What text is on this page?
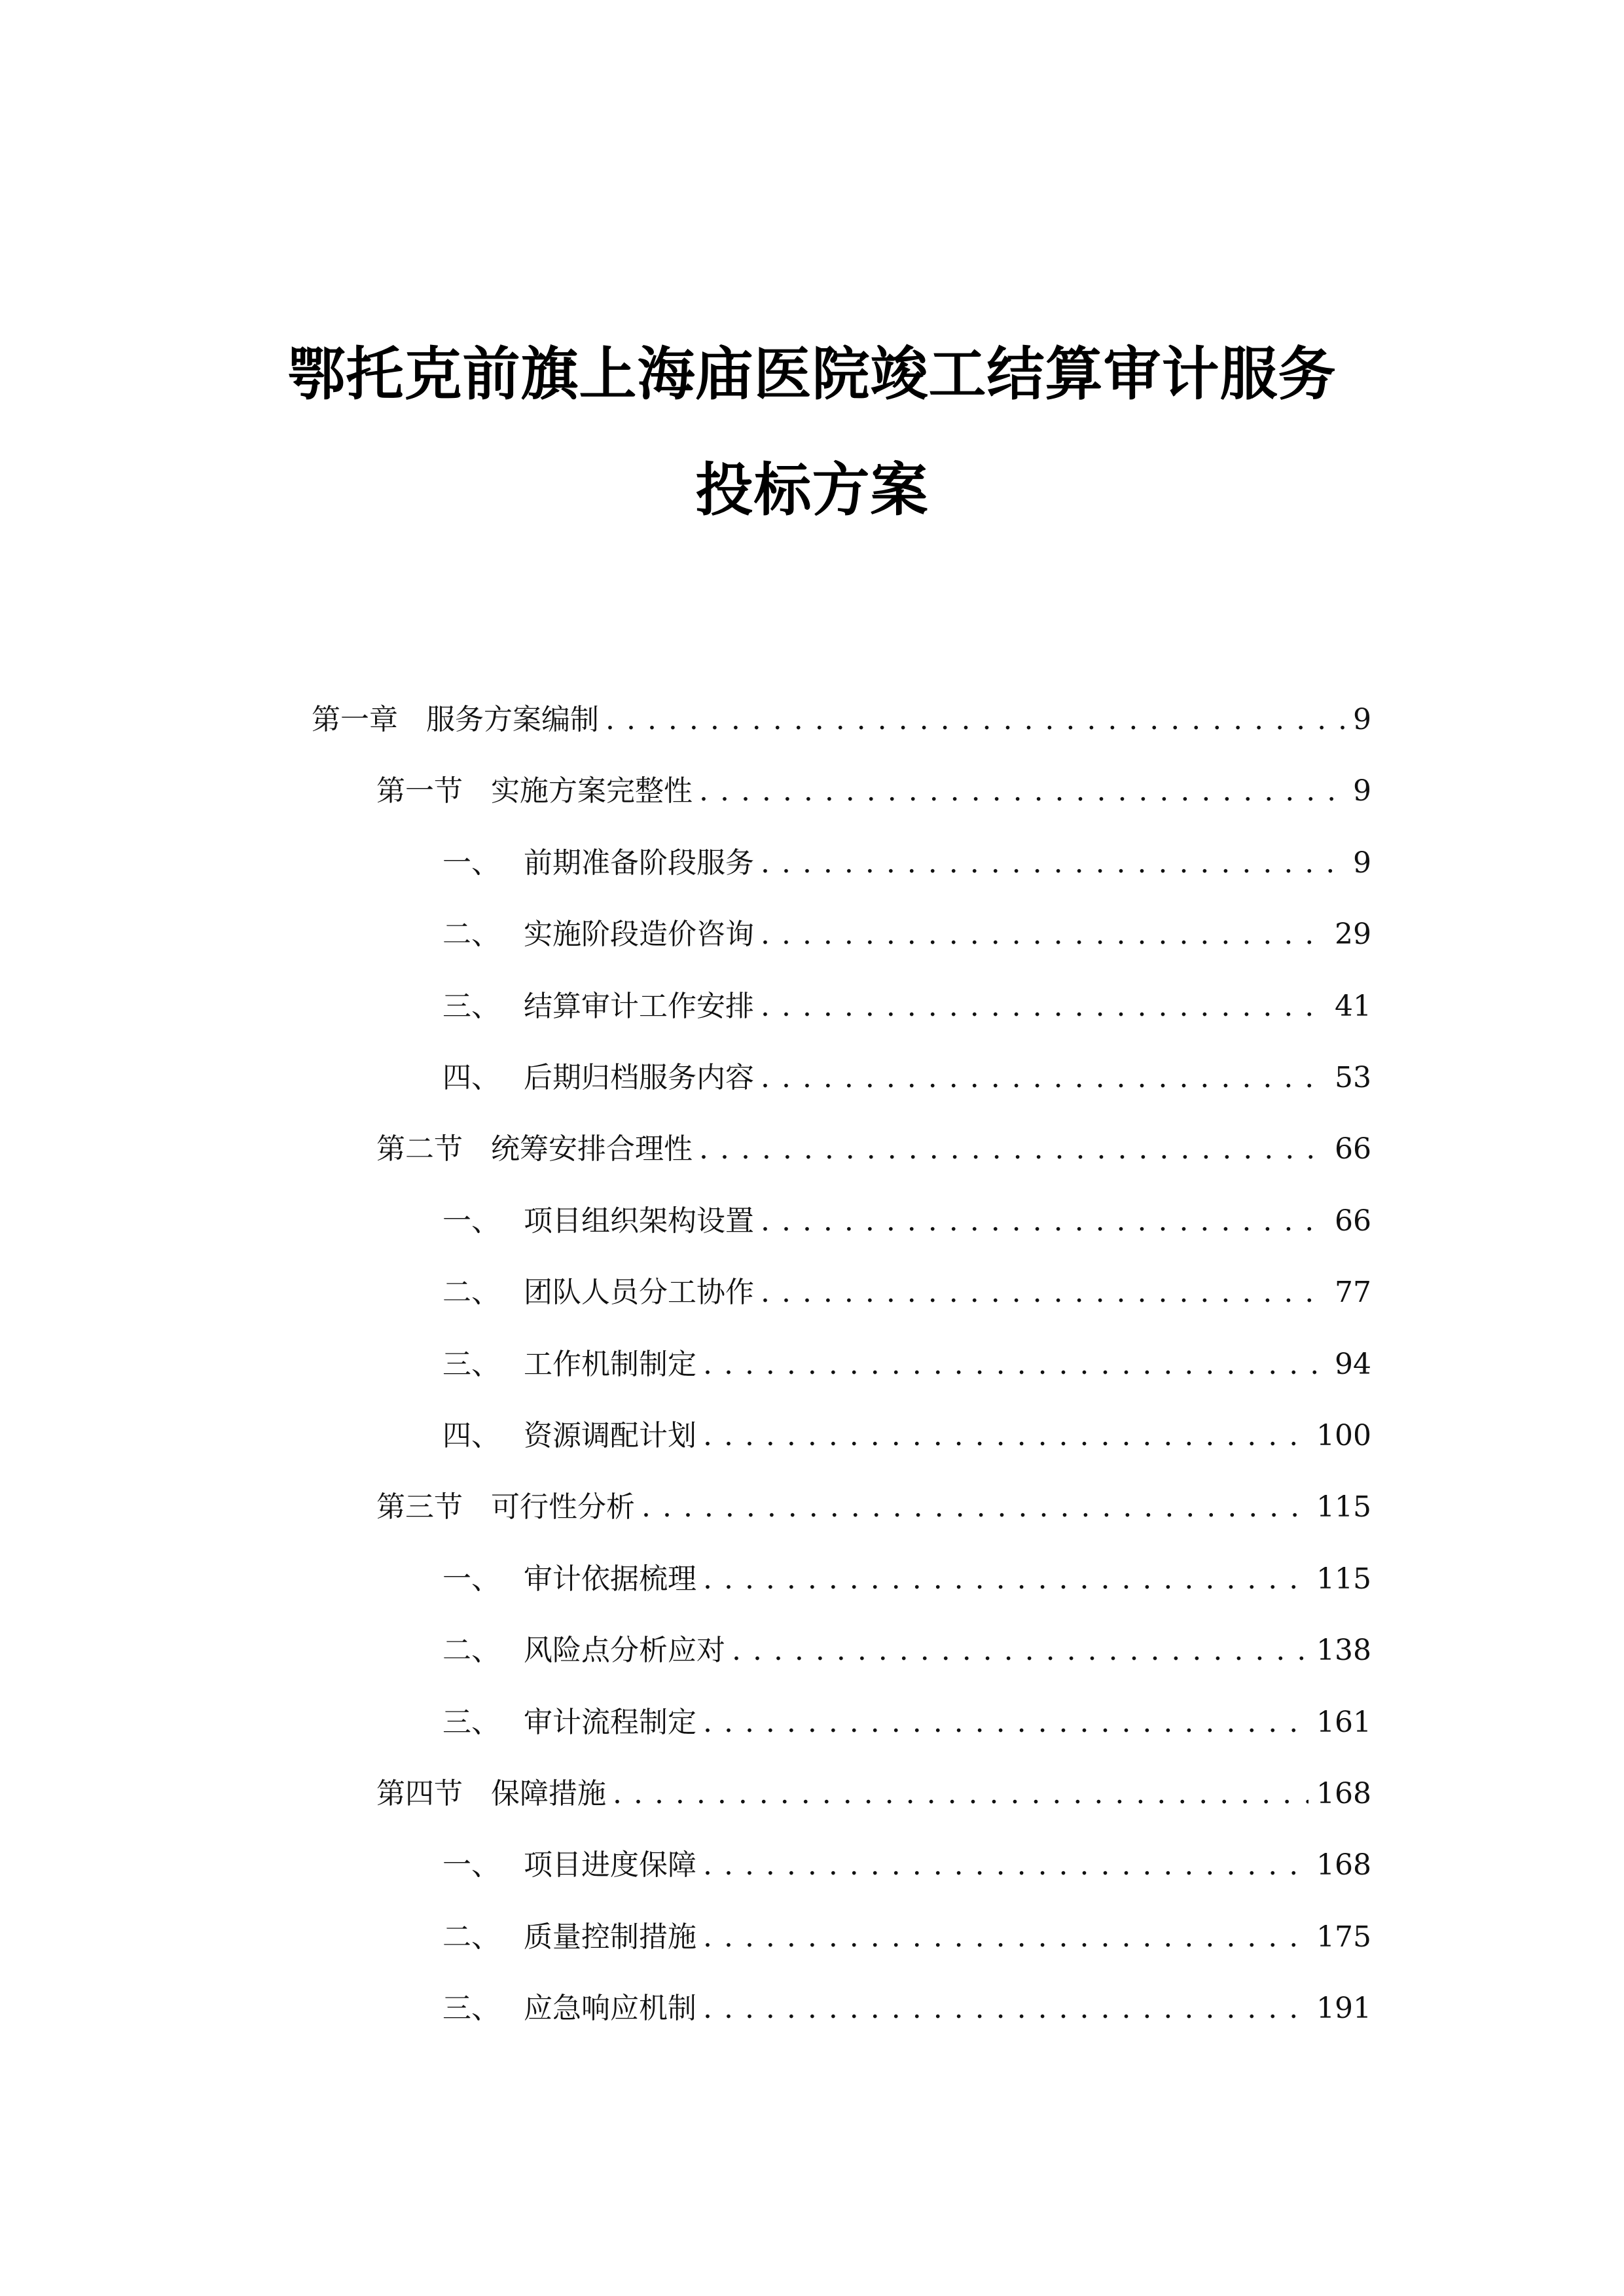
鄂托克前旗上海庙医院竣工结算审计服务
投标方案
第一章 服务方案编制 . . .	9
第一节 实施方案完整性 . . .	9
一、 前期准备阶段服务 . . .	9
二、 实施阶段造价咨询 . . .	29
三、 结算审计工作安排 . . .	41
四、 后期归档服务内容 . . .	53
第二节 统筹安排合理性 . . .	66
一、 项目组织架构设置 . . .	66
二、 团队人员分工协作 . . .	77
三、 工作机制制定 . . .	94
四、 资源调配计划 . . .	100
第三节 可行性分析 . . .	115
一、 审计依据梳理 . . .	115
二、 风险点分析应对 . . .	138
三、 审计流程制定 . . .	161
第四节 保障措施 . . .	168
一、 项目进度保障 . . .	168
二、 质量控制措施 . . .	175
三、 应急响应机制 . . .	191
